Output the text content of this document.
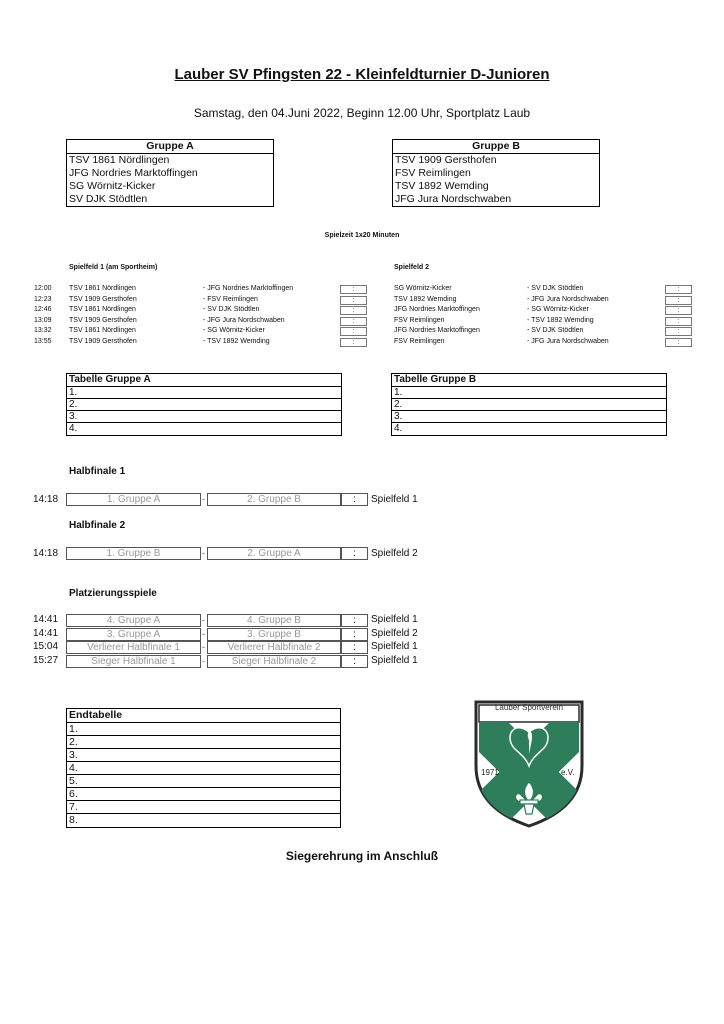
Lauber SV Pfingsten 22 - Kleinfeldturnier D-Junioren
Samstag, den 04.Juni 2022, Beginn 12.00 Uhr, Sportplatz Laub
Gruppe A
TSV 1861 Nördlingen
JFG Nordries Marktoffingen
SG Wörnitz-Kicker
SV DJK Stödtlen
Gruppe B
TSV 1909 Gersthofen
FSV Reimlingen
TSV 1892 Wemding
JFG Jura Nordschwaben
Spielzeit 1x20 Minuten
Spielfeld 1 (am Sportheim)	Spielfeld 2
12:00 TSV 1861 Nördlingen	- JFG Nordries Marktoffingen	:
12:23 TSV 1909 Gersthofen	- FSV Reimlingen	:
12:46 TSV 1861 Nördlingen	- SV DJK Stödtlen	:
13:09 TSV 1909 Gersthofen	- JFG Jura Nordschwaben	:
13:32 TSV 1861 Nördlingen	- SG Wörnitz-Kicker	:
13:55 TSV 1909 Gersthofen	- TSV 1892 Wemding	:
SG Wörnitz-Kicker	- SV DJK Stödtlen	:
TSV 1892 Wemding	- JFG Jura Nordschwaben	:
JFG Nordries Marktoffingen	- SG Wörnitz-Kicker	:
FSV Reimlingen	- TSV 1892 Wemding	:
JFG Nordries Marktoffingen	- SV DJK Stödtlen	:
FSV Reimlingen	- JFG Jura Nordschwaben	:
Tabelle Gruppe A
1.
2.
3.
4.
Tabelle Gruppe B
1.
2.
3.
4.
Halbfinale 1
14:18	1. Gruppe A	-	2. Gruppe B	:	Spielfeld 1
Halbfinale 2
14:18	1. Gruppe B	-	2. Gruppe A	:	Spielfeld 2
Platzierungsspiele
14:41	4. Gruppe A	-	4. Gruppe B	:	Spielfeld 1
14:41	3. Gruppe A	-	3. Gruppe B	:	Spielfeld 2
15:04	Verlierer Halbfinale 1	-	Verlierer Halbfinale 2	:	Spielfeld 1
15:27	Sieger Halbfinale 1	-	Sieger Halbfinale 2	:	Spielfeld 1
Endtabelle
1.
2.
3.
4.
5.
6.
7.
8.
Lauber Sportverein
1971	e.V.
Siegerehrung im Anschluß
